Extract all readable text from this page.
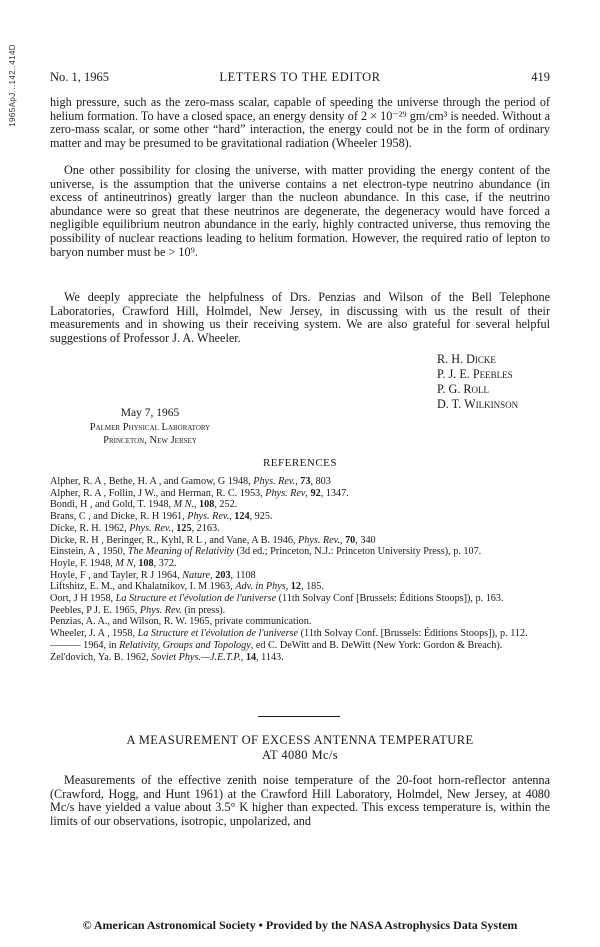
1965ApJ...142..414D	No. 1, 1965	LETTERS TO THE EDITOR	419

high pressure, such as the zero-mass scalar, capable of speeding the universe through the period of helium formation. To have a closed space, an energy density of 2 × 10⁻²⁹ gm/cm³ is needed. Without a zero-mass scalar, or some other “hard” interaction, the energy could not be in the form of ordinary matter and may be presumed to be gravitational radiation (Wheeler 1958).

One other possibility for closing the universe, with matter providing the energy content of the universe, is the assumption that the universe contains a net electron-type neutrino abundance (in excess of antineutrinos) greatly larger than the nucleon abundance. In this case, if the neutrino abundance were so great that these neutrinos are degenerate, the degeneracy would have forced a negligible equilibrium neutron abundance in the early, highly contracted universe, thus removing the possibility of nuclear reactions leading to helium formation. However, the required ratio of lepton to baryon number must be > 10⁹.

We deeply appreciate the helpfulness of Drs. Penzias and Wilson of the Bell Telephone Laboratories, Crawford Hill, Holmdel, New Jersey, in discussing with us the result of their measurements and in showing us their receiving system. We are also grateful for several helpful suggestions of Professor J. A. Wheeler.

R. H. Dicke
P. J. E. Peebles
P. G. Roll
D. T. Wilkinson
May 7, 1965
Palmer Physical Laboratory
Princeton, New Jersey
REFERENCES

Alpher, R. A , Bethe, H. A , and Gamow, G 1948, Phys. Rev., 73, 803

Alpher, R. A , Follin, J W., and Herman, R. C. 1953, Phys. Rev, 92, 1347.

Bondi, H , and Gold, T. 1948, M N., 108, 252.

Brans, C , and Dicke, R. H 1961, Phys. Rev., 124, 925.

Dicke, R. H. 1962, Phys. Rev., 125, 2163.

Dicke, R. H , Beringer, R., Kyhl, R L , and Vane, A B. 1946, Phys. Rev., 70, 340

Einstein, A , 1950, The Meaning of Relativity (3d ed.; Princeton, N.J.: Princeton University Press), p. 107.

Hoyle, F. 1948, M N, 108, 372.

Hoyle, F , and Tayler, R J 1964, Nature, 203, 1108

Liftshitz, E. M., and Khalatnikov, I. M 1963, Adv. in Phys, 12, 185.

Oort, J H 1958, La Structure et l'évolution de l'universe (11th Solvay Conf [Brussels: Éditions Stoops]), p. 163.

Peebles, P J. E. 1965, Phys. Rev. (in press).

Penzias, A. A., and Wilson, R. W. 1965, private communication.

Wheeler, J. A , 1958, La Structure et l'évolution de l'universe (11th Solvay Conf. [Brussels: Éditions Stoops]), p. 112.

——— 1964, in Relativity, Groups and Topology, ed C. DeWitt and B. DeWitt (New York: Gordon & Breach).

Zel'dovich, Ya. B. 1962, Soviet Phys.—J.E.T.P., 14, 1143.

A MEASUREMENT OF EXCESS ANTENNA TEMPERATURE
AT 4080 Mc/s

Measurements of the effective zenith noise temperature of the 20-foot horn-reflector antenna (Crawford, Hogg, and Hunt 1961) at the Crawford Hill Laboratory, Holmdel, New Jersey, at 4080 Mc/s have yielded a value about 3.5° K higher than expected. This excess temperature is, within the limits of our observations, isotropic, unpolarized, and

© American Astronomical Society • Provided by the NASA Astrophysics Data System
